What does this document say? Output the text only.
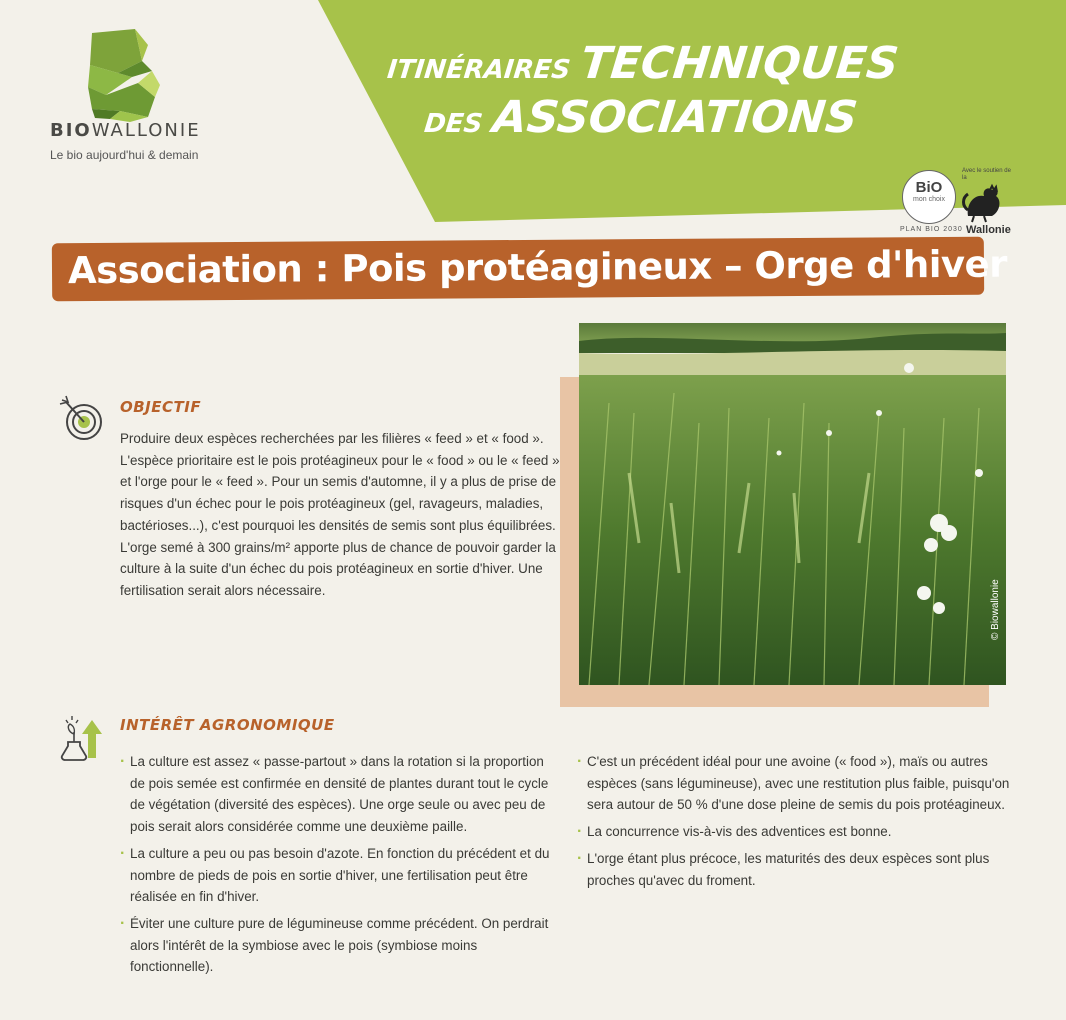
BIOWALLONIE
Le bio aujourd'hui & demain
ITINÉRAIRES TECHNIQUES
DES ASSOCIATIONS
BiO
mon choix
PLAN BIO 2030
Avec le soutien de la
Wallonie
Association : Pois protéagineux – Orge d'hiver
© Biowallonie
OBJECTIF
Produire deux espèces recherchées par les filières « feed » et « food ». L'espèce prioritaire est le pois protéagineux pour le « food » ou le « feed » et l'orge pour le « feed ». Pour un semis d'automne, il y a plus de prise de risques d'un échec pour le pois protéagineux (gel, ravageurs, maladies, bactérioses...), c'est pourquoi les densités de semis sont plus équilibrées. L'orge semé à 300 grains/m² apporte plus de chance de pouvoir garder la culture à la suite d'un échec du pois protéagineux en sortie d'hiver. Une fertilisation serait alors nécessaire.
INTÉRÊT AGRONOMIQUE
· La culture est assez « passe-partout » dans la rotation si la proportion de pois semée est confirmée en densité de plantes durant tout le cycle de végétation (diversité des espèces). Une orge seule ou avec peu de pois serait alors considérée comme une deuxième paille.
· La culture a peu ou pas besoin d'azote. En fonction du précédent et du nombre de pieds de pois en sortie d'hiver, une fertilisation peut être réalisée en fin d'hiver.
· Éviter une culture pure de légumineuse comme précédent. On perdrait alors l'intérêt de la symbiose avec le pois (symbiose moins fonctionnelle).
· C'est un précédent idéal pour une avoine (« food »), maïs ou autres espèces (sans légumineuse), avec une restitution plus faible, puisqu'on sera autour de 50 % d'une dose pleine de semis du pois protéagineux.
· La concurrence vis-à-vis des adventices est bonne.
· L'orge étant plus précoce, les maturités des deux espèces sont plus proches qu'avec du froment.
